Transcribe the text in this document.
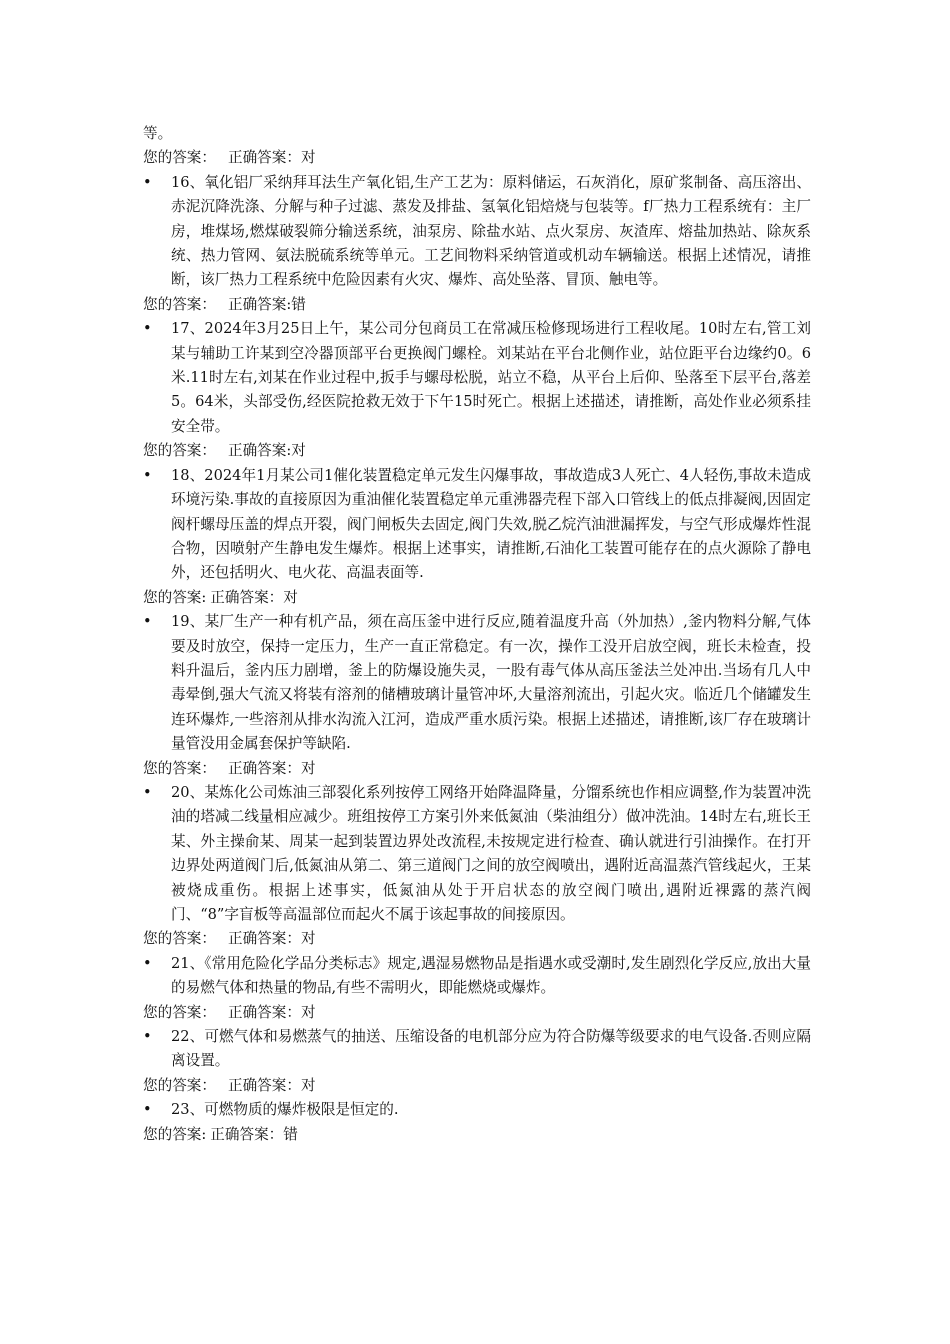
等。
您的答案： 正确答案：对
•	16、氧化铝厂采纳拜耳法生产氧化铝,生产工艺为：原料储运，石灰消化，原矿浆制备、高压溶出、赤泥沉降洗涤、分解与种子过滤、蒸发及排盐、氢氧化铝焙烧与包装等。f厂热力工程系统有：主厂房，堆煤场,燃煤破裂筛分输送系统，油泵房、除盐水站、点火泵房、灰渣库、熔盐加热站、除灰系统、热力管网、氨法脱硫系统等单元。工艺间物料采纳管道或机动车辆输送。根据上述情况，请推断，该厂热力工程系统中危险因素有火灾、爆炸、高处坠落、冒顶、触电等。
您的答案： 正确答案:错
•	17、2024年3月25日上午，某公司分包商员工在常减压检修现场进行工程收尾。10时左右,管工刘某与辅助工许某到空冷器顶部平台更换阀门螺栓。刘某站在平台北侧作业，站位距平台边缘约0。6米.11时左右,刘某在作业过程中,扳手与螺母松脱，站立不稳，从平台上后仰、坠落至下层平台,落差5。64米，头部受伤,经医院抢救无效于下午15时死亡。根据上述描述，请推断，高处作业必须系挂安全带。
您的答案： 正确答案:对
•	18、2024年1月某公司1催化装置稳定单元发生闪爆事故，事故造成3人死亡、4人轻伤,事故未造成环境污染.事故的直接原因为重油催化装置稳定单元重沸器壳程下部入口管线上的低点排凝阀,因固定阀杆螺母压盖的焊点开裂，阀门闸板失去固定,阀门失效,脱乙烷汽油泄漏挥发，与空气形成爆炸性混合物，因喷射产生静电发生爆炸。根据上述事实，请推断,石油化工装置可能存在的点火源除了静电外，还包括明火、电火花、高温表面等.
您的答案: 正确答案：对
•	19、某厂生产一种有机产品，须在高压釜中进行反应,随着温度升高（外加热）,釜内物料分解,气体要及时放空，保持一定压力，生产一直正常稳定。有一次，操作工没开启放空阀，班长未检查，投料升温后，釜内压力剧增，釜上的防爆设施失灵，一股有毒气体从高压釜法兰处冲出.当场有几人中毒晕倒,强大气流又将装有溶剂的储槽玻璃计量管冲坏,大量溶剂流出，引起火灾。临近几个储罐发生连环爆炸,一些溶剂从排水沟流入江河，造成严重水质污染。根据上述描述，请推断,该厂存在玻璃计量管没用金属套保护等缺陷.
您的答案： 正确答案：对
•	20、某炼化公司炼油三部裂化系列按停工网络开始降温降量，分馏系统也作相应调整,作为装置冲洗油的塔减二线量相应减少。班组按停工方案引外来低氮油（柴油组分）做冲洗油。14时左右,班长王某、外主操俞某、周某一起到装置边界处改流程,未按规定进行检查、确认就进行引油操作。在打开边界处两道阀门后,低氮油从第二、第三道阀门之间的放空阀喷出，遇附近高温蒸汽管线起火，王某被烧成重伤。根据上述事实，低氮油从处于开启状态的放空阀门喷出,遇附近裸露的蒸汽阀门、“8”字盲板等高温部位而起火不属于该起事故的间接原因。
您的答案： 正确答案：对
•	21、《常用危险化学品分类标志》规定,遇湿易燃物品是指遇水或受潮时,发生剧烈化学反应,放出大量的易燃气体和热量的物品,有些不需明火，即能燃烧或爆炸。
您的答案： 正确答案：对
•	22、可燃气体和易燃蒸气的抽送、压缩设备的电机部分应为符合防爆等级要求的电气设备.否则应隔离设置。
您的答案： 正确答案：对
•	23、可燃物质的爆炸极限是恒定的.
您的答案: 正确答案：错
